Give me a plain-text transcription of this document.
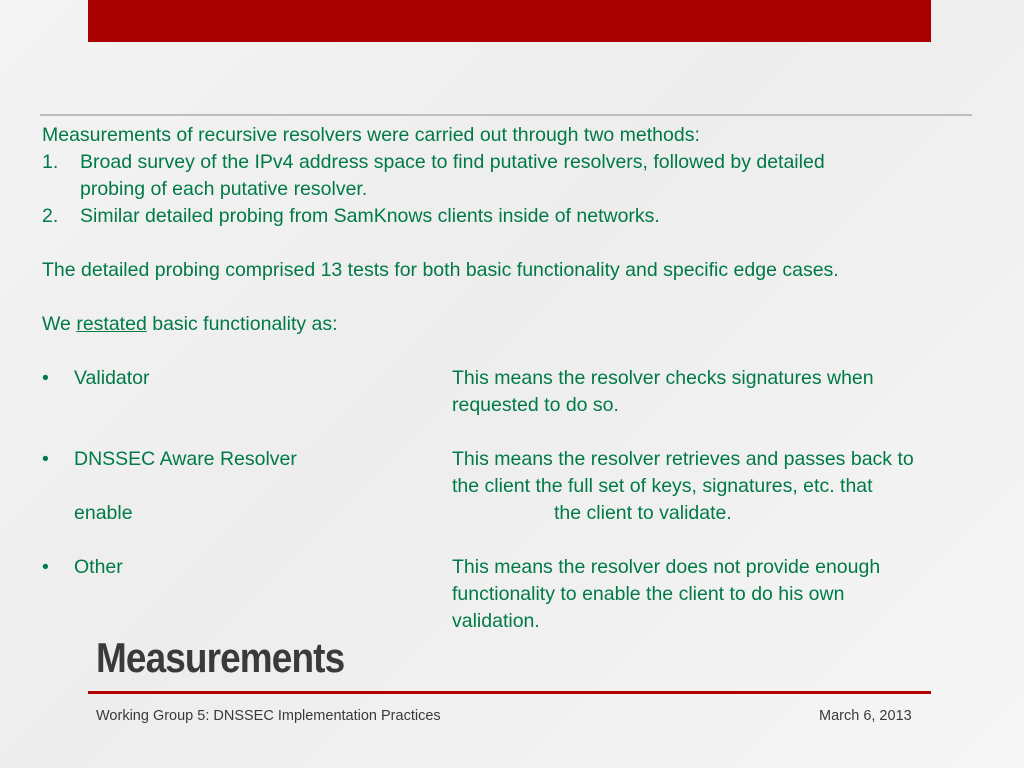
Measurements of recursive resolvers were carried out through two methods:
1. Broad survey of the IPv4 address space to find putative resolvers, followed by detailed
probing of each putative resolver.
2. Similar detailed probing from SamKnows clients inside of networks.
The detailed probing comprised 13 tests for both basic functionality and specific edge cases.
We restated basic functionality as:
• Validator	This means the resolver checks signatures when
requested to do so.
• DNSSEC Aware Resolver	This means the resolver retrieves and passes back to
the client the full set of keys, signatures, etc. that
enable	the client to validate.
• Other	This means the resolver does not provide enough
functionality to enable the client to do his own
validation.
Measurements
Working Group 5: DNSSEC Implementation Practices	March 6, 2013
